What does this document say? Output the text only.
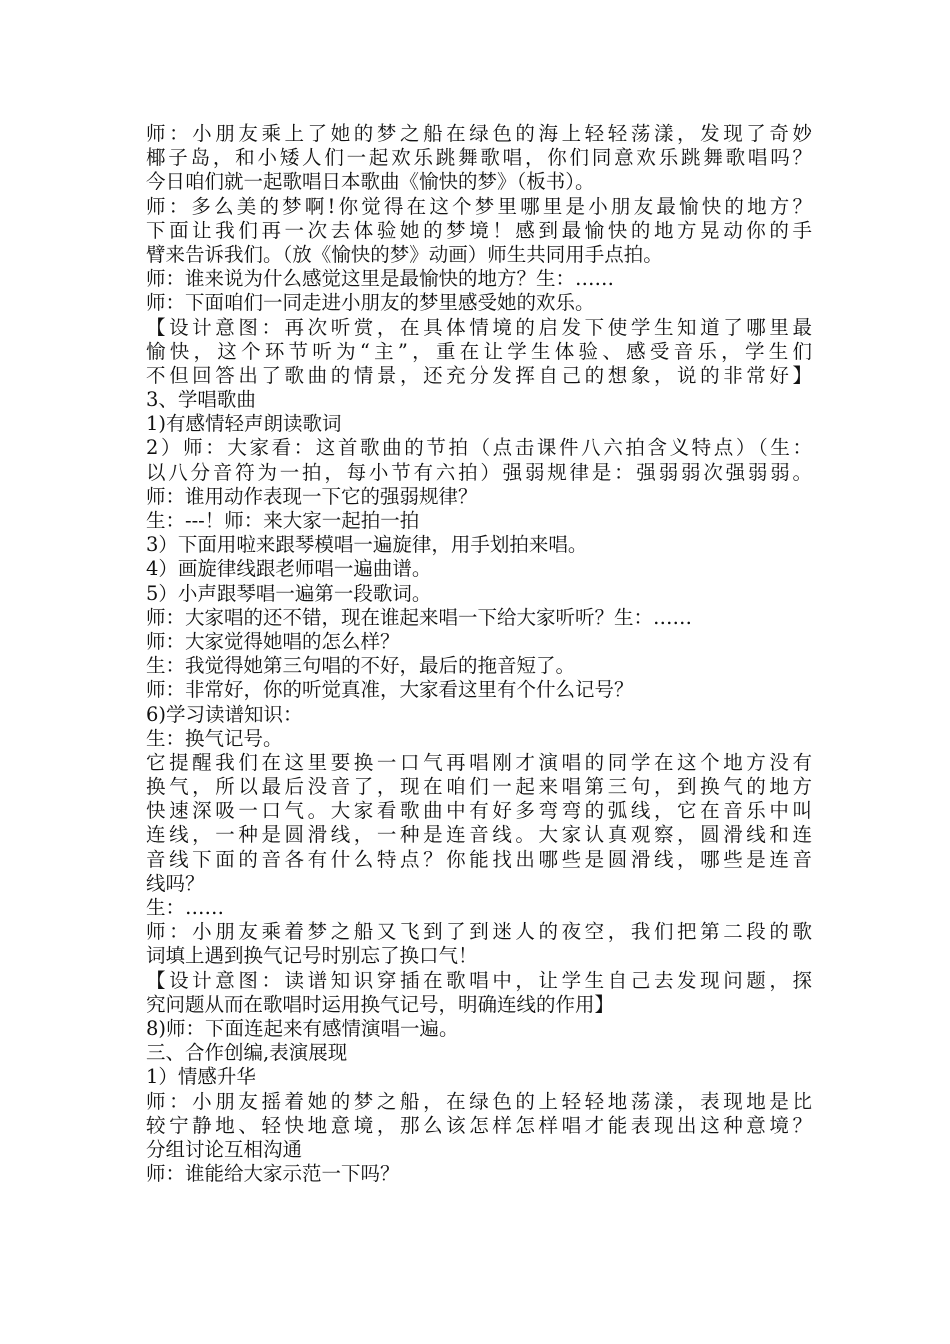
师：小朋友乘上了她的梦之船在绿色的海上轻轻荡漾，发现了奇妙
椰子岛，和小矮人们一起欢乐跳舞歌唱，你们同意欢乐跳舞歌唱吗？
今日咱们就一起歌唱日本歌曲《愉快的梦》（板书）。
师：多么美的梦啊!你觉得在这个梦里哪里是小朋友最愉快的地方？
下面让我们再一次去体验她的梦境！感到最愉快的地方晃动你的手
臂来告诉我们。（放《愉快的梦》动画）师生共同用手点拍。
师：谁来说为什么感觉这里是最愉快的地方？生：……
师：下面咱们一同走进小朋友的梦里感受她的欢乐。
【设计意图：再次听赏，在具体情境的启发下使学生知道了哪里最
愉快，这个环节听为“主”，重在让学生体验、感受音乐，学生们
不但回答出了歌曲的情景，还充分发挥自己的想象，说的非常好】
3、学唱歌曲
1)有感情轻声朗读歌词
2）师：大家看：这首歌曲的节拍（点击课件八六拍含义特点）（生：
以八分音符为一拍，每小节有六拍）强弱规律是：强弱弱次强弱弱。
师：谁用动作表现一下它的强弱规律？
生：---！师：来大家一起拍一拍
3）下面用啦来跟琴模唱一遍旋律，用手划拍来唱。
4）画旋律线跟老师唱一遍曲谱。
5）小声跟琴唱一遍第一段歌词。
师：大家唱的还不错，现在谁起来唱一下给大家听听？生：……
师：大家觉得她唱的怎么样？
生：我觉得她第三句唱的不好，最后的拖音短了。
师：非常好，你的听觉真准，大家看这里有个什么记号？
6)学习读谱知识：
生：换气记号。
它提醒我们在这里要换一口气再唱刚才演唱的同学在这个地方没有
换气，所以最后没音了，现在咱们一起来唱第三句，到换气的地方
快速深吸一口气。大家看歌曲中有好多弯弯的弧线，它在音乐中叫
连线，一种是圆滑线，一种是连音线。大家认真观察，圆滑线和连
音线下面的音各有什么特点？你能找出哪些是圆滑线，哪些是连音
线吗？
生：……
师：小朋友乘着梦之船又飞到了到迷人的夜空，我们把第二段的歌
词填上遇到换气记号时别忘了换口气！
【设计意图：读谱知识穿插在歌唱中，让学生自己去发现问题，探
究问题从而在歌唱时运用换气记号，明确连线的作用】
8)师：下面连起来有感情演唱一遍。
三、合作创编,表演展现
1）情感升华
师：小朋友摇着她的梦之船，在绿色的上轻轻地荡漾，表现地是比
较宁静地、轻快地意境，那么该怎样怎样唱才能表现出这种意境？
分组讨论互相沟通
师：谁能给大家示范一下吗？
